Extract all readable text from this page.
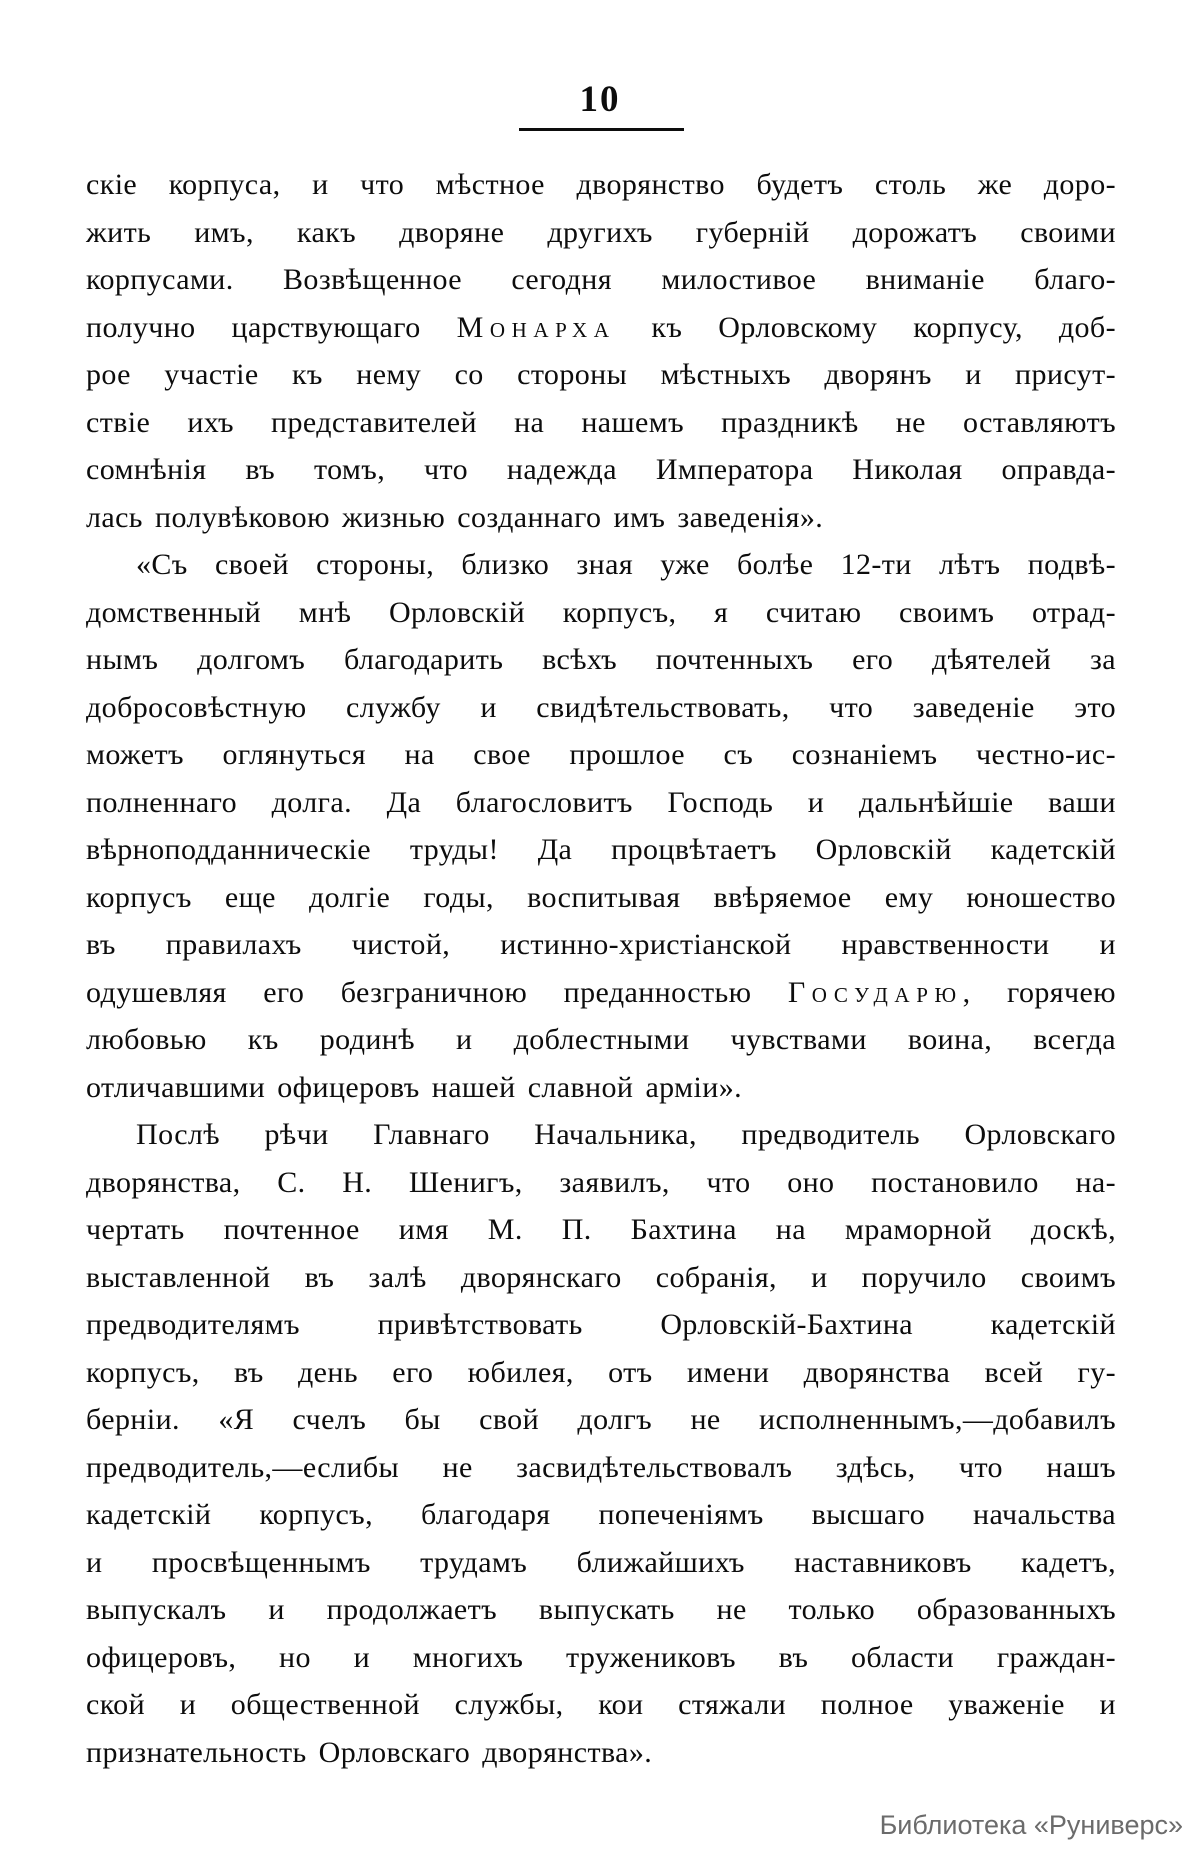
10
скіе корпуса, и что мѣстное дворянство будетъ столь же доро-
жить имъ, какъ дворяне другихъ губерній дорожатъ своими
корпусами. Возвѣщенное сегодня милостивое вниманіе благо-
получно царствующаго Монарха къ Орловскому корпусу, доб-
рое участіе къ нему со стороны мѣстныхъ дворянъ и присут-
ствіе ихъ представителей на нашемъ праздникѣ не оставляютъ
сомнѣнія въ томъ, что надежда Императора Николая оправда-
лась полувѣковою жизнью созданнаго имъ заведенія».
«Съ своей стороны, близко зная уже болѣе 12-ти лѣтъ подвѣ-
домственный мнѣ Орловскій корпусъ, я считаю своимъ отрад-
нымъ долгомъ благодарить всѣхъ почтенныхъ его дѣятелей за
добросовѣстную службу и свидѣтельствовать, что заведеніе это
можетъ оглянуться на свое прошлое съ сознаніемъ честно-ис-
полненнаго долга. Да благословитъ Господь и дальнѣйшіе ваши
вѣрноподданническіе труды! Да процвѣтаетъ Орловскій кадетскій
корпусъ еще долгіе годы, воспитывая ввѣряемое ему юношество
въ правилахъ чистой, истинно-христіанской нравственности и
одушевляя его безграничною преданностью Государю, горячею
любовью къ родинѣ и доблестными чувствами воина, всегда
отличавшими офицеровъ нашей славной арміи».
Послѣ рѣчи Главнаго Начальника, предводитель Орловскаго
дворянства, С. Н. Шенигъ, заявилъ, что оно постановило на-
чертать почтенное имя М. П. Бахтина на мраморной доскѣ,
выставленной въ залѣ дворянскаго собранія, и поручило своимъ
предводителямъ привѣтствовать Орловскій-Бахтина кадетскій
корпусъ, въ день его юбилея, отъ имени дворянства всей гу-
берніи. «Я счелъ бы свой долгъ не исполненнымъ,—добавилъ
предводитель,—еслибы не засвидѣтельствовалъ здѣсь, что нашъ
кадетскій корпусъ, благодаря попеченіямъ высшаго начальства
и просвѣщеннымъ трудамъ ближайшихъ наставниковъ кадетъ,
выпускалъ и продолжаетъ выпускать не только образованныхъ
офицеровъ, но и многихъ тружениковъ въ области граждан-
ской и общественной службы, кои стяжали полное уваженіе и
признательность Орловскаго дворянства».
Библиотека «Руниверс»
